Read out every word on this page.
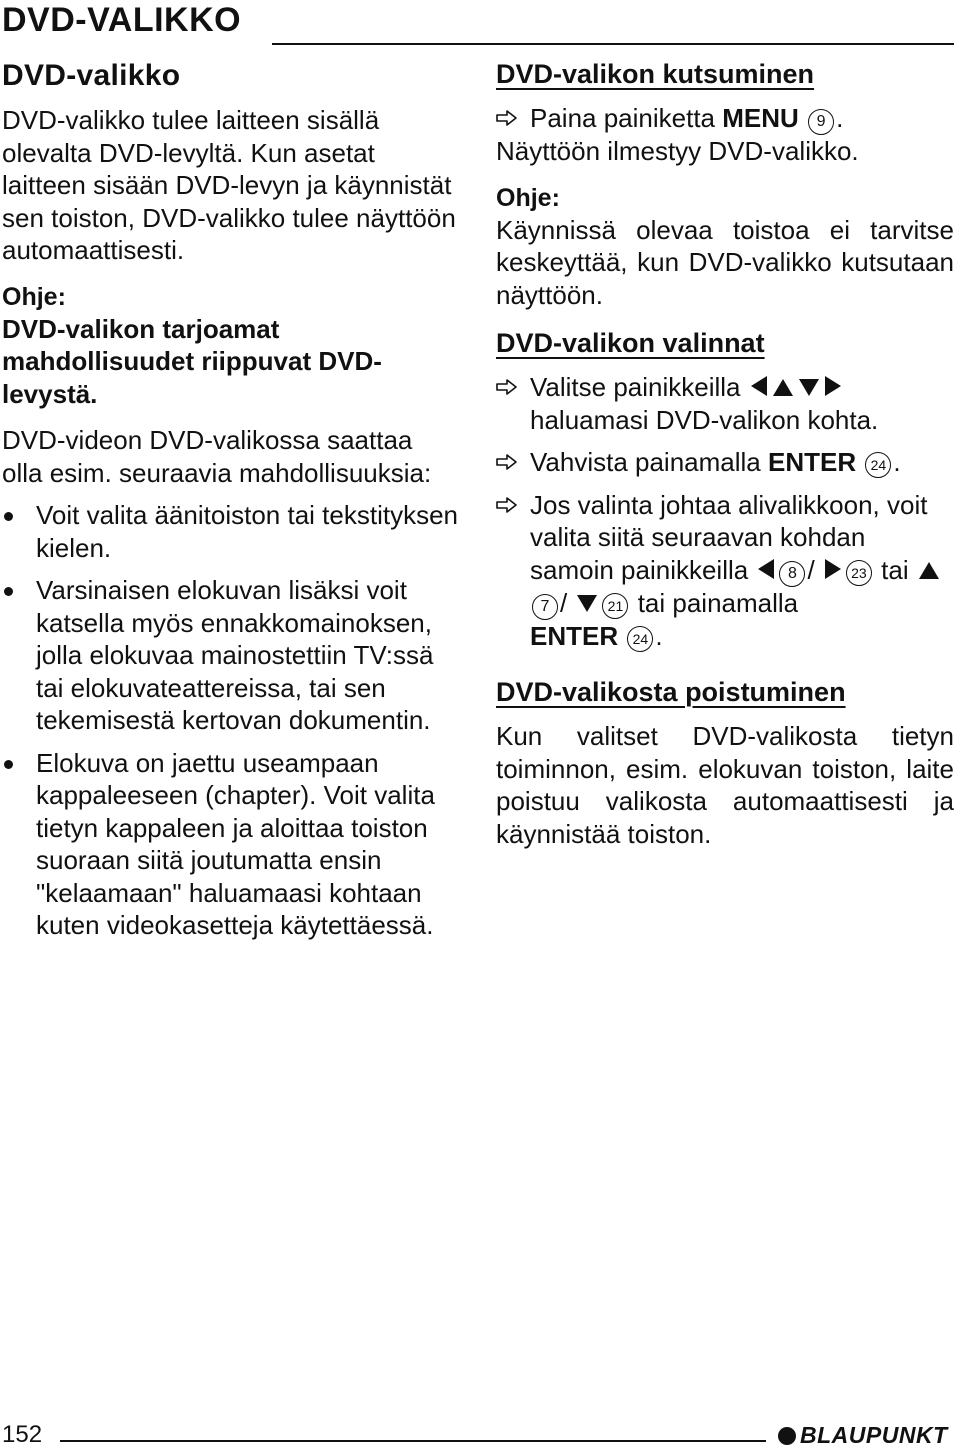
DVD-VALIKKO
DVD-valikko

DVD-valikko tulee laitteen sisällä olevalta DVD-levyltä. Kun asetat laitteen sisään DVD-levyn ja käynnistät sen toiston, DVD-valikko tulee näyttöön automaattisesti.

Ohje:

DVD-valikon tarjoamat mahdollisuudet riippuvat DVD-levystä.

DVD-videon DVD-valikossa saattaa olla esim. seuraavia mahdollisuuksia:

Voit valita äänitoiston tai tekstityksen kielen.

Varsinaisen elokuvan lisäksi voit katsella myös ennakkomainoksen, jolla elokuvaa mainostettiin TV:ssä tai elokuvateattereissa, tai sen tekemisestä kertovan dokumentin.

Elokuva on jaettu useampaan kappaleeseen (chapter). Voit valita tietyn kappaleen ja aloittaa toiston suoraan siitä joutumatta ensin "kelaamaan" haluamaasi kohtaan kuten videokasetteja käytettäessä.

DVD-valikon kutsuminen

Paina painiketta MENU 9 .

Näyttöön ilmestyy DVD-valikko.

Ohje:

Käynnissä olevaa toistoa ei tarvitse keskeyttää, kun DVD-valikko kutsutaan näyttöön.

DVD-valikon valinnat

Valitse painikkeilla
haluamasi DVD-valikon kohta.

Vahvista painamalla ENTER 24 .

Jos valinta johtaa alivalikkoon, voit valita siitä seuraavan kohdan samoin painikkeilla 8 /	23 tai 7 /	21 tai painamalla
ENTER 24 .

DVD-valikosta poistuminen

Kun valitset DVD-valikosta tietyn toiminnon, esim. elokuvan toiston, laite poistuu valikosta automaattisesti ja käynnistää toiston.

152	BLAUPUNKT
